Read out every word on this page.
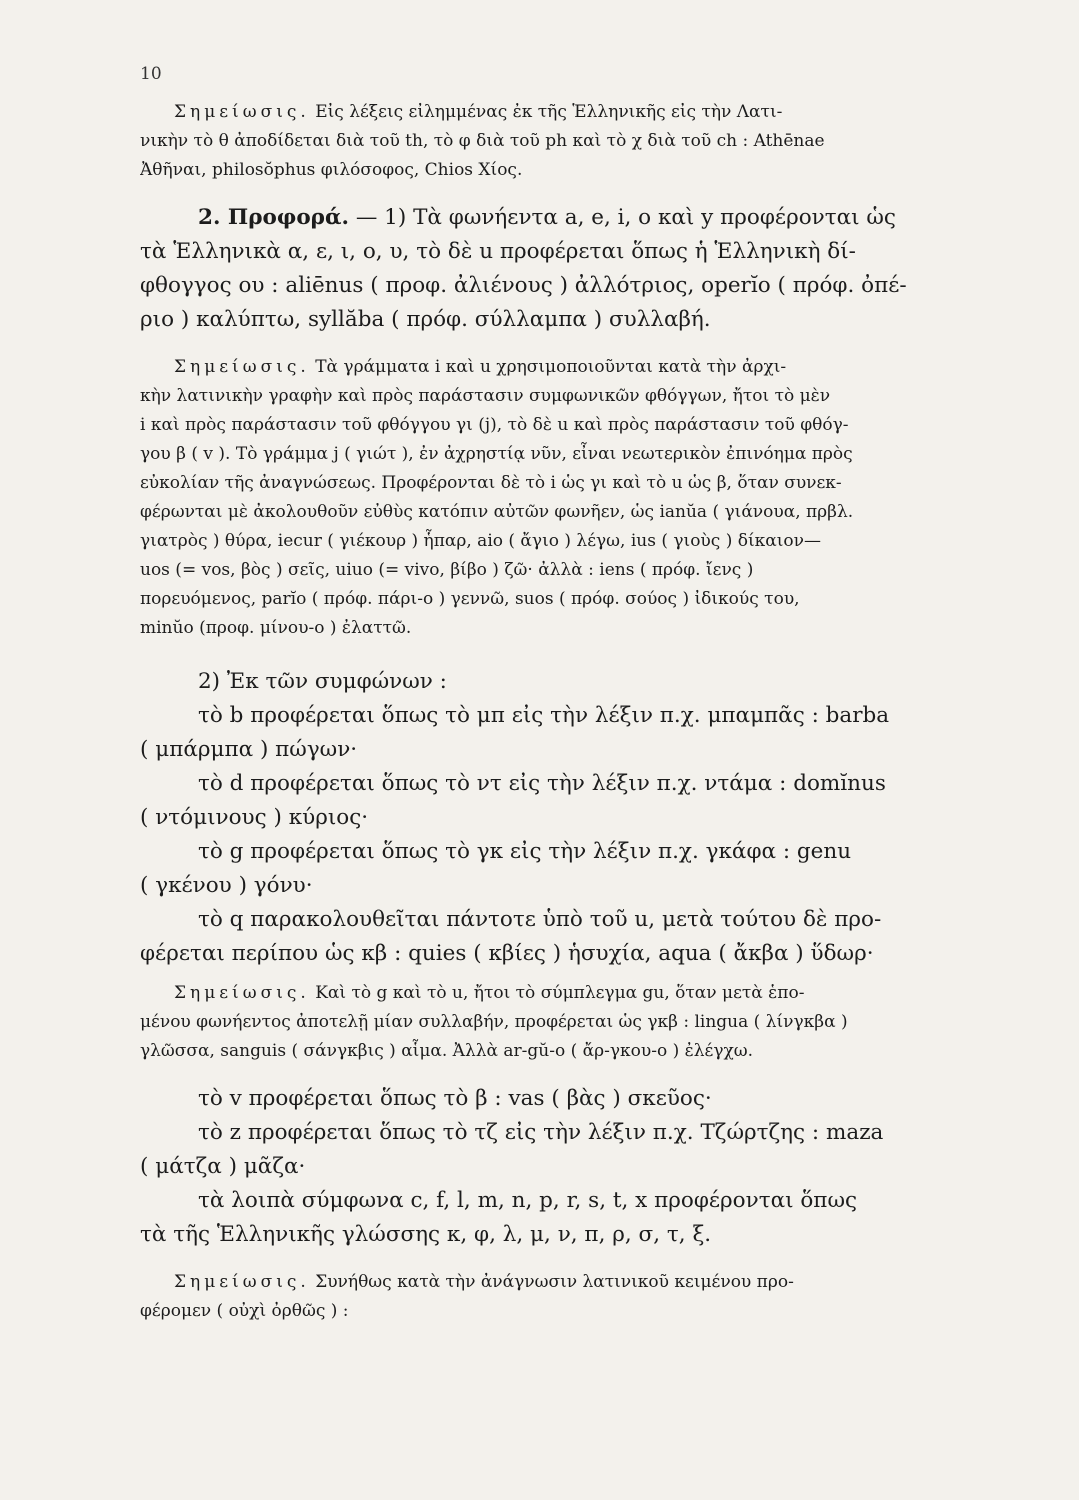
10
Σημείωσις. Εἰς λέξεις εἰλημμένας ἐκ τῆς Ἑλληνικῆς εἰς τὴν Λατι-
νικὴν τὸ θ ἀποδίδεται διὰ τοῦ th, τὸ φ διὰ τοῦ ph καὶ τὸ χ διὰ τοῦ ch : Athēnae
Ἀθῆναι, philosŏphus φιλόσοφος, Chios Χίος.
2. Προφορά. — 1) Τὰ φωνήεντα a, e, i, o καὶ y προφέρονται ὡς
τὰ Ἑλληνικὰ α, ε, ι, ο, υ, τὸ δὲ u προφέρεται ὅπως ἡ Ἑλληνικὴ δί-
φθογγος ου : aliēnus ( προφ. ἀλιένους ) ἀλλότριος, operĭo ( πρόφ. ὀπέ-
ριο ) καλύπτω, syllăba ( πρόφ. σύλλαμπα ) συλλαβή.
Σημείωσις. Τὰ γράμματα i καὶ u χρησιμοποιοῦνται κατὰ τὴν ἀρχι-
κὴν λατινικὴν γραφὴν καὶ πρὸς παράστασιν συμφωνικῶν φθόγγων, ἤτοι τὸ μὲν
i καὶ πρὸς παράστασιν τοῦ φθόγγου γι (j), τὸ δὲ u καὶ πρὸς παράστασιν τοῦ φθόγ-
γου β ( v ). Τὸ γράμμα j ( γιώτ ), ἐν ἀχρηστίᾳ νῦν, εἶναι νεωτερικὸν ἐπινόημα πρὸς
εὐκολίαν τῆς ἀναγνώσεως. Προφέρονται δὲ τὸ i ὡς γι καὶ τὸ u ὡς β, ὅταν συνεκ-
φέρωνται μὲ ἀκολουθοῦν εὐθὺς κατόπιν αὐτῶν φωνῆεν, ὡς ianŭa ( γιάνουα, πρβλ.
γιατρὸς ) θύρα, iecur ( γιέκουρ ) ἧπαρ, aio ( ἄγιο ) λέγω, ius ( γιοὺς ) δίκαιον—
uos (= vos, βὸς ) σεῖς, uiuo (= vivo, βίβο ) ζῶ· ἀλλὰ : iens ( πρόφ. ἴενς )
πορευόμενος, parĭo ( πρόφ. πάρι-ο ) γεννῶ, suos ( πρόφ. σούος ) ἰδικούς του,
minŭo (προφ. μίνου-ο ) ἐλαττῶ.
2) Ἐκ τῶν συμφώνων :
τὸ b προφέρεται ὅπως τὸ μπ εἰς τὴν λέξιν π.χ. μπαμπᾶς : barba
( μπάρμπα ) πώγων·
τὸ d προφέρεται ὅπως τὸ ντ εἰς τὴν λέξιν π.χ. ντάμα : domĭnus
( ντόμινους ) κύριος·
τὸ g προφέρεται ὅπως τὸ γκ εἰς τὴν λέξιν π.χ. γκάφα : genu
( γκένου ) γόνυ·
τὸ q παρακολουθεῖται πάντοτε ὑπὸ τοῦ u, μετὰ τούτου δὲ προ-
φέρεται περίπου ὡς κβ : quies ( κβίες ) ἡσυχία, aqua ( ἄκβα ) ὕδωρ·
Σημείωσις. Καὶ τὸ g καὶ τὸ u, ἤτοι τὸ σύμπλεγμα gu, ὅταν μετὰ ἑπο-
μένου φωνήεντος ἀποτελῇ μίαν συλλαβήν, προφέρεται ὡς γκβ : lingua ( λίνγκβα )
γλῶσσα, sanguis ( σάνγκβις ) αἷμα. Ἀλλὰ ar-gŭ-o ( ἄρ-γκου-ο ) ἐλέγχω.
τὸ v προφέρεται ὅπως τὸ β : vas ( βὰς ) σκεῦος·
τὸ z προφέρεται ὅπως τὸ τζ εἰς τὴν λέξιν π.χ. Τζώρτζης : maza
( μάτζα ) μᾶζα·
τὰ λοιπὰ σύμφωνα c, f, l, m, n, p, r, s, t, x προφέρονται ὅπως
τὰ τῆς Ἑλληνικῆς γλώσσης κ, φ, λ, μ, ν, π, ρ, σ, τ, ξ.
Σημείωσις. Συνήθως κατὰ τὴν ἀνάγνωσιν λατινικοῦ κειμένου προ-
φέρομεν ( οὐχὶ ὀρθῶς ) :
